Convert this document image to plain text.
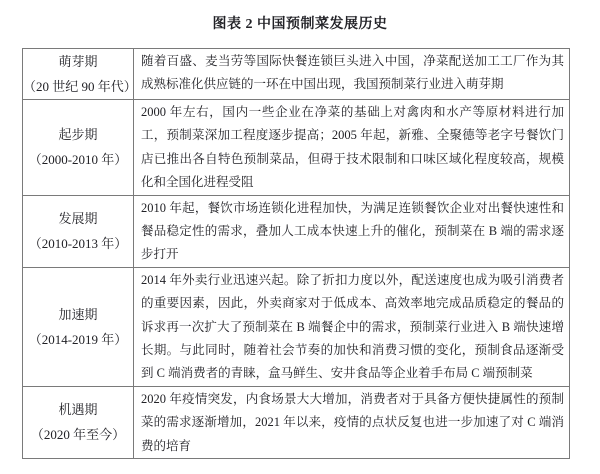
图表 2 中国预制菜发展历史
萌芽期
（20 世纪 90 年代）	随着百盛、麦当劳等国际快餐连锁巨头进入中国，净菜配送加工工厂作为其成熟标准化供应链的一环在中国出现，我国预制菜行业进入萌芽期

起步期
（2000-2010 年）	2000 年左右，国内一些企业在净菜的基础上对禽肉和水产等原材料进行加工，预制菜深加工程度逐步提高；2005 年起，新雅、全聚德等老字号餐饮门店已推出各自特色预制菜品，但碍于技术限制和口味区域化程度较高，规模化和全国化进程受阻

发展期
（2010-2013 年）	2010 年起，餐饮市场连锁化进程加快，为满足连锁餐饮企业对出餐快速性和餐品稳定性的需求，叠加人工成本快速上升的催化，预制菜在 B 端的需求逐步打开

加速期
（2014-2019 年）	2014 年外卖行业迅速兴起。除了折扣力度以外，配送速度也成为吸引消费者的重要因素，因此，外卖商家对于低成本、高效率地完成品质稳定的餐品的诉求再一次扩大了预制菜在 B 端餐企中的需求，预制菜行业进入 B 端快速增长期。与此同时，随着社会节奏的加快和消费习惯的变化，预制食品逐渐受到 C 端消费者的青睐，盒马鲜生、安井食品等企业着手布局 C 端预制菜

机遇期
（2020 年至今）	2020 年疫情突发，内食场景大大增加，消费者对于具备方便快捷属性的预制菜的需求逐渐增加，2021 年以来，疫情的点状反复也进一步加速了对 C 端消费的培育
